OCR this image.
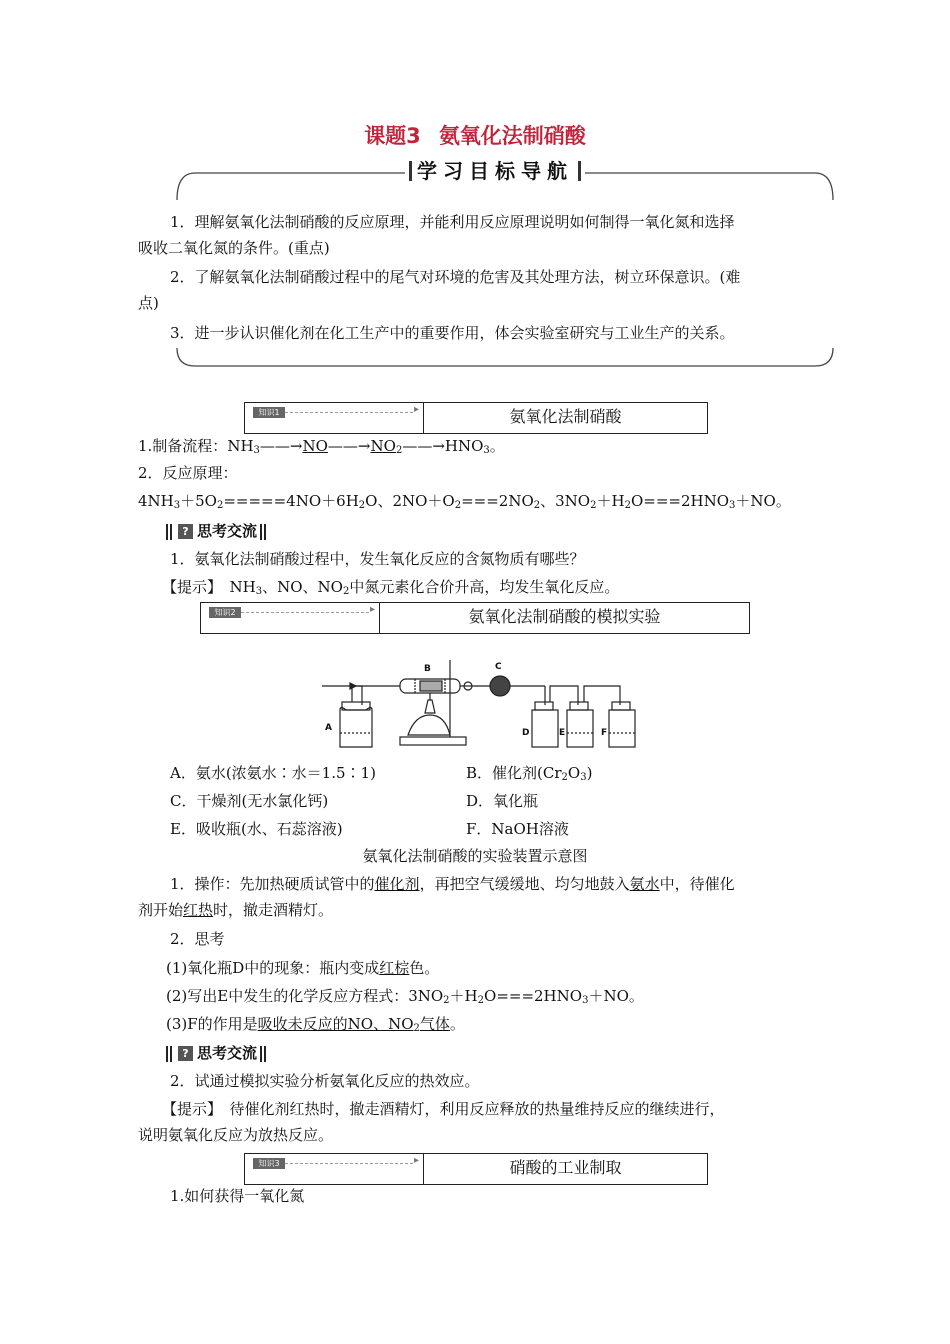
课题3 氨氧化法制硝酸
学习目标导航
1．理解氨氧化法制硝酸的反应原理，并能利用反应原理说明如何制得一氧化氮和选择
吸收二氧化氮的条件。(重点)
2．了解氨氧化法制硝酸过程中的尾气对环境的危害及其处理方法，树立环保意识。(难
点)
3．进一步认识催化剂在化工生产中的重要作用，体会实验室研究与工业生产的关系。
知识1 ▸	氨氧化法制硝酸
1.制备流程：$NH_3——\to NO——\to NO_2——\to HNO_3$。
2．反应原理：
$4NH_3+5O_2=====4NO+6H_2O$、$2NO+O_2===2NO_2$、$3NO_2+H_2O===2HNO_3+NO$。
? 思考交流
1．氨氧化法制硝酸过程中，发生氧化反应的含氮物质有哪些？
【提示】　$NH_3$、NO、$NO_2$中氮元素化合价升高，均发生氧化反应。
知识2 ▸	氨氧化法制硝酸的模拟实验
A
B	C
D	E	F
A．氨水(浓氨水∶水＝1.5∶1)	B．催化剂$(Cr_2O_3)$
C．干燥剂(无水氯化钙)	D．氧化瓶
E．吸收瓶(水、石蕊溶液)	F．NaOH溶液
氨氧化法制硝酸的实验装置示意图
1．操作：先加热硬质试管中的催化剂，再把空气缓缓地、均匀地鼓入氨水中，待催化
剂开始红热时，撤走酒精灯。
2．思考
(1)氧化瓶D中的现象：瓶内变成红棕色。
(2)写出E中发生的化学反应方程式：$3NO_2+H_2O===2HNO_3+NO$。
(3)F的作用是吸收未反应的NO、$NO_2$气体。
? 思考交流
2．试通过模拟实验分析氨氧化反应的热效应。
【提示】　 待催化剂红热时，撤走酒精灯，利用反应释放的热量维持反应的继续进行，
说明氨氧化反应为放热反应。
知识3 ▸	硝酸的工业制取
1.如何获得一氧化氮
